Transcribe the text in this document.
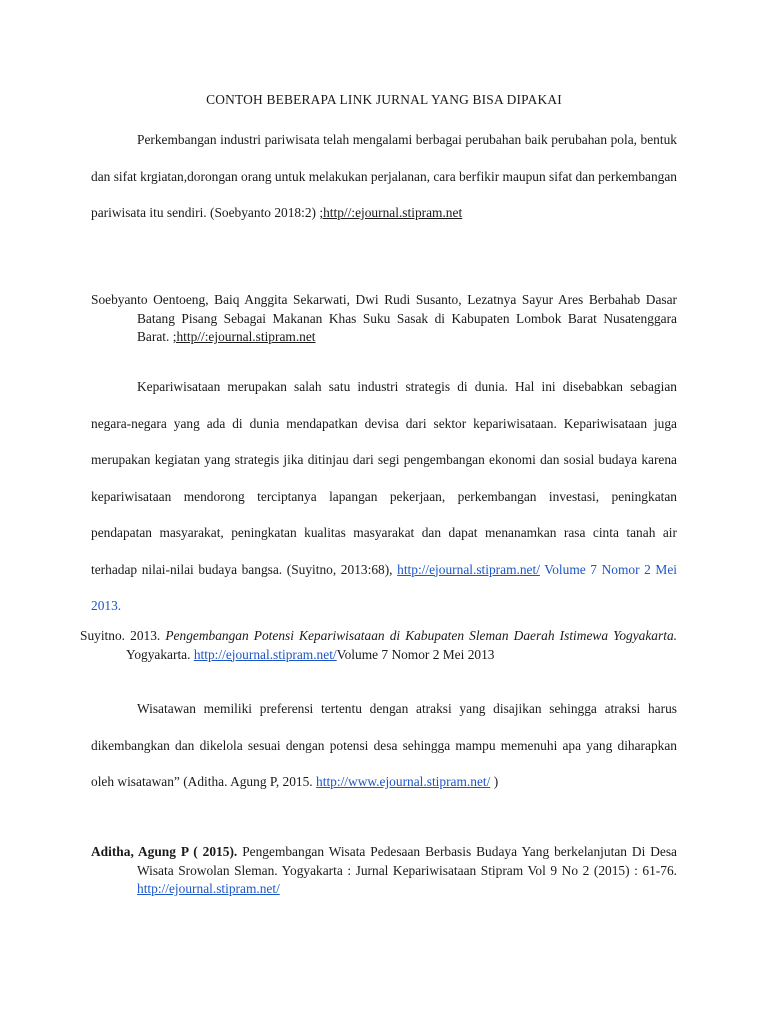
CONTOH BEBERAPA LINK JURNAL YANG BISA DIPAKAI

Perkembangan industri pariwisata telah mengalami berbagai perubahan baik perubahan pola, bentuk dan sifat krgiatan,dorongan orang untuk melakukan perjalanan, cara berfikir maupun sifat dan perkembangan pariwisata itu sendiri. (Soebyanto 2018:2) ;http//:ejournal.stipram.net

Soebyanto Oentoeng, Baiq Anggita Sekarwati, Dwi Rudi Susanto, Lezatnya Sayur Ares Berbahab Dasar Batang Pisang Sebagai Makanan Khas Suku Sasak di Kabupaten Lombok Barat Nusatenggara Barat. ;http//:ejournal.stipram.net

Kepariwisataan merupakan salah satu industri strategis di dunia. Hal ini disebabkan sebagian negara-negara yang ada di dunia mendapatkan devisa dari sektor kepariwisataan. Kepariwisataan juga merupakan kegiatan yang strategis jika ditinjau dari segi pengembangan ekonomi dan sosial budaya karena kepariwisataan mendorong terciptanya lapangan pekerjaan, perkembangan investasi, peningkatan pendapatan masyarakat, peningkatan kualitas masyarakat dan dapat menanamkan rasa cinta tanah air terhadap nilai-nilai budaya bangsa. (Suyitno, 2013:68), http://ejournal.stipram.net/ Volume 7 Nomor 2 Mei 2013.

Suyitno. 2013. Pengembangan Potensi Kepariwisataan di Kabupaten Sleman Daerah Istimewa Yogyakarta. Yogyakarta. http://ejournal.stipram.net/Volume 7 Nomor 2 Mei 2013

Wisatawan memiliki preferensi tertentu dengan atraksi yang disajikan sehingga atraksi harus dikembangkan dan dikelola sesuai dengan potensi desa sehingga mampu memenuhi apa yang diharapkan oleh wisatawan” (Aditha. Agung P, 2015. http://www.ejournal.stipram.net/ )

Aditha, Agung P ( 2015). Pengembangan Wisata Pedesaan Berbasis Budaya Yang berkelanjutan Di Desa Wisata Srowolan Sleman. Yogyakarta : Jurnal Kepariwisataan Stipram Vol 9 No 2 (2015) : 61-76. http://ejournal.stipram.net/
